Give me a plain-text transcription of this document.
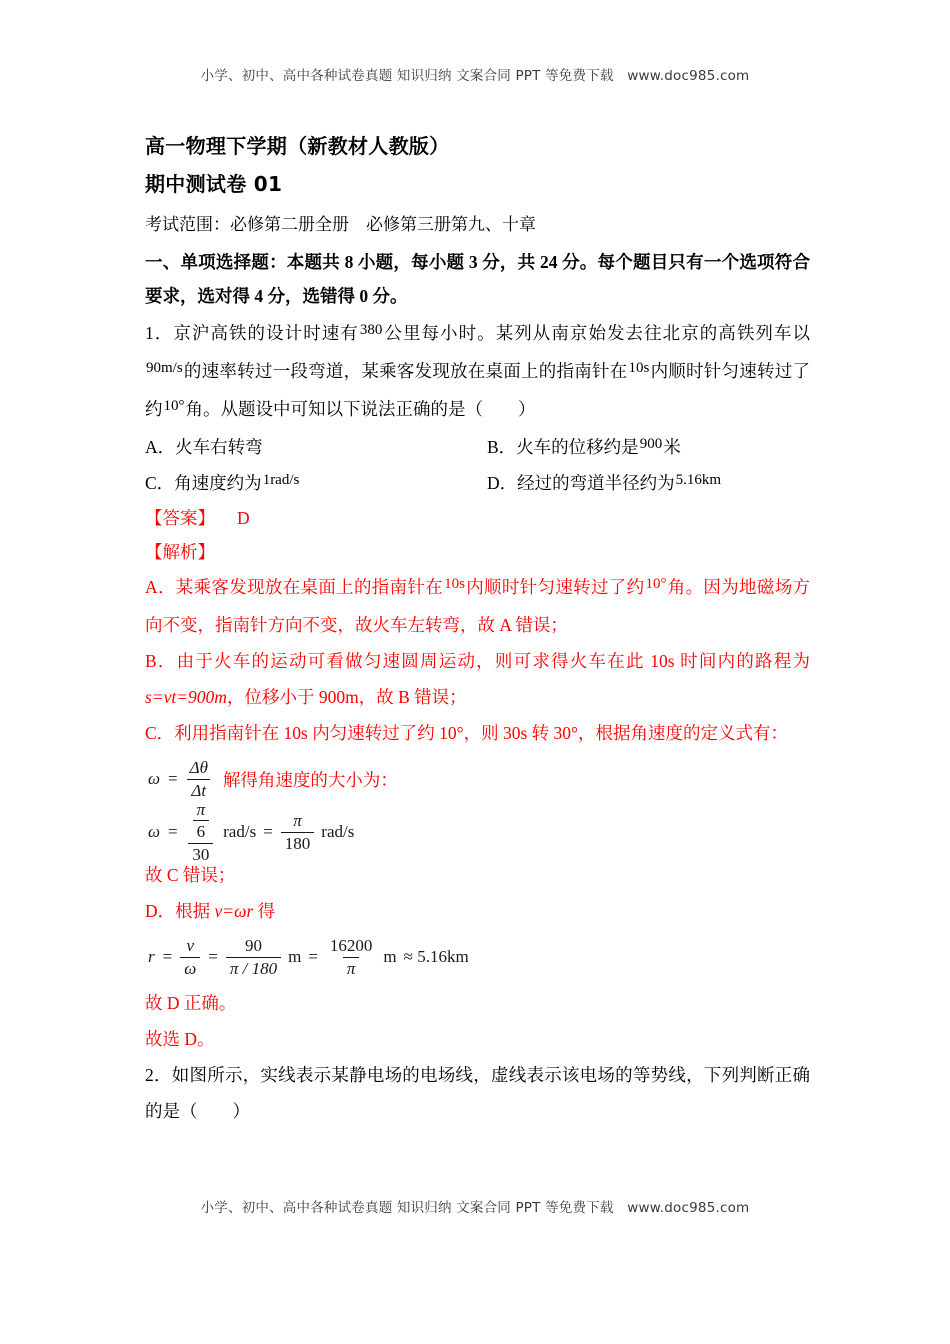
小学、初中、高中各种试卷真题 知识归纳 文案合同 PPT 等免费下载　www.doc985.com
高一物理下学期（新教材人教版）
期中测试卷 01
考试范围：必修第二册全册　必修第三册第九、十章
一、单项选择题：本题共 8 小题，每小题 3 分，共 24 分。每个题目只有一个选项符合要求，选对得 4 分，选错得 0 分。

1．京沪高铁的设计时速有380公里每小时。某列从南京始发去往北京的高铁列车以90m/s的速率转过一段弯道，某乘客发现放在桌面上的指南针在10s内顺时针匀速转过了约10°角。从题设中可知以下说法正确的是（　　）

A．火车右转弯	B．火车的位移约是900米
C．角速度约为1rad/s	D．经过的弯道半径约为5.16km

【答案】 D

【解析】

A．某乘客发现放在桌面上的指南针在10s内顺时针匀速转过了约10°角。因为地磁场方向不变，指南针方向不变，故火车左转弯，故 A 错误；

B．由于火车的运动可看做匀速圆周运动，则可求得火车在此 10s 时间内的路程为s=vt=900m，位移小于 900m，故 B 错误；

C．利用指南针在 10s 内匀速转过了约 10°，则 30s 转 30°，根据角速度的定义式有：

$\omega = \frac{\Delta\theta}{\Delta t}$ 解得角速度的大小为：
$\omega = \frac{\frac{\pi}{6}}{30} rad/s = \frac{\pi}{180} rad/s$

故 C 错误；

D．根据 v=ωr 得

$r = \frac{v}{\omega} = \frac{90}{\pi / 180}$ $m = \frac{16200}{\pi}$ m ≈ 5.16km

故 D 正确。

故选 D。

2．如图所示，实线表示某静电场的电场线，虚线表示该电场的等势线，下列判断正确的是（　　）

小学、初中、高中各种试卷真题 知识归纳 文案合同 PPT 等免费下载　www.doc985.com
